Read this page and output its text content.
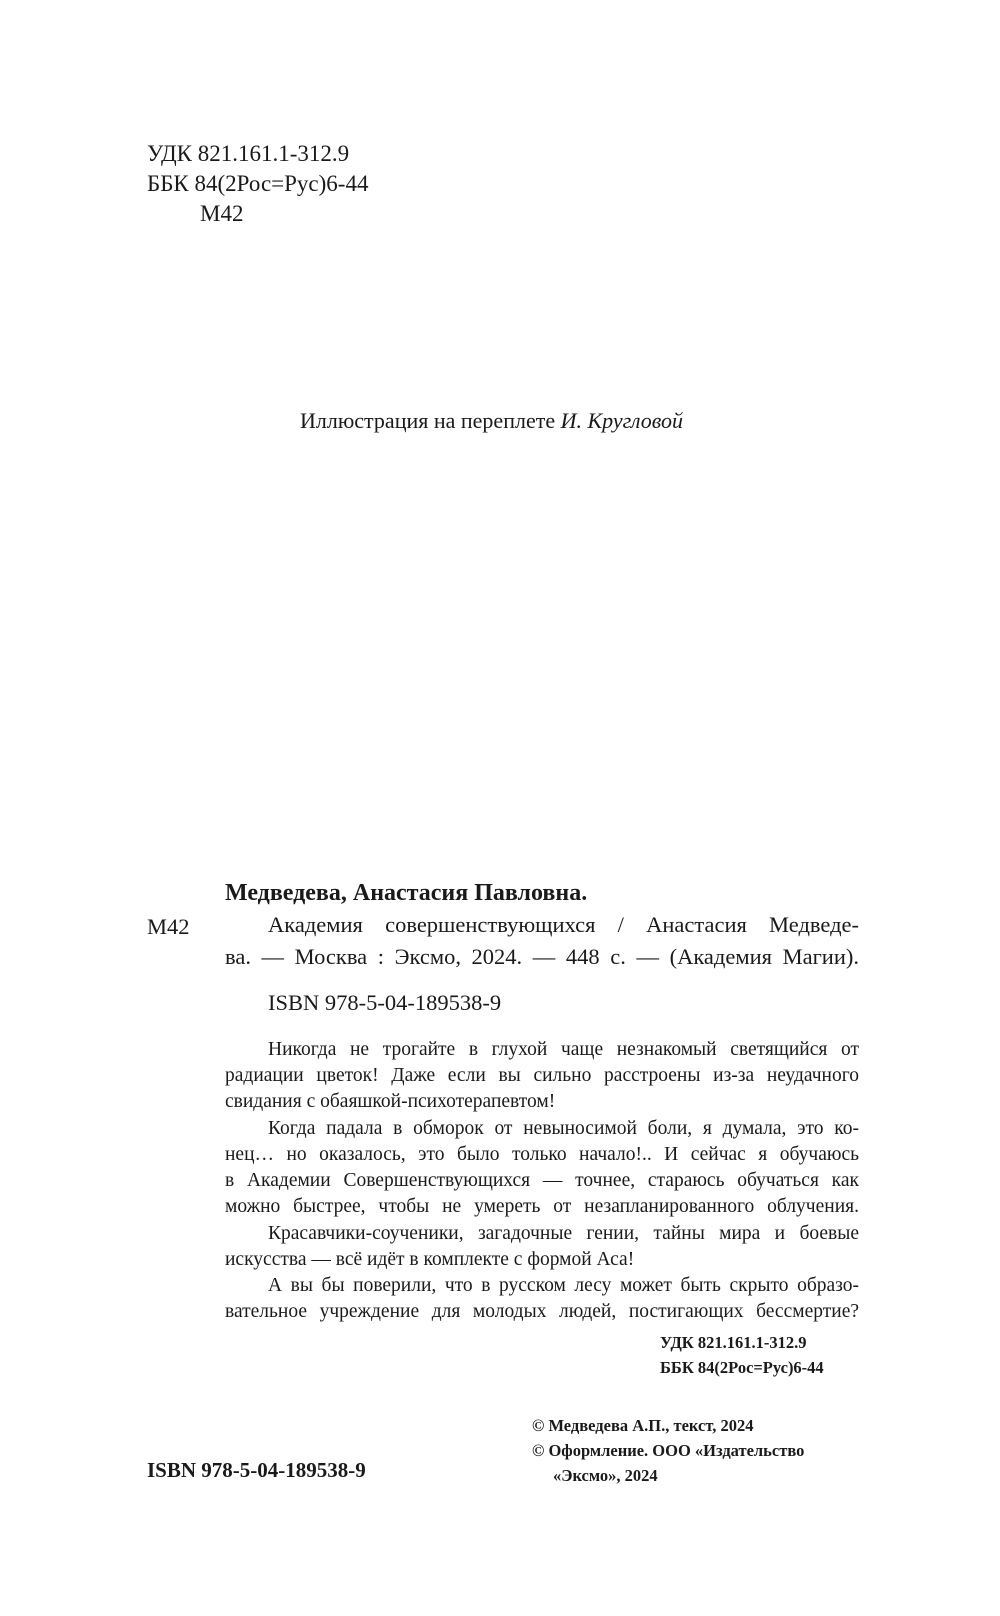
УДК 821.161.1-312.9
ББК 84(2Рос=Рус)6-44
М42
Иллюстрация на переплете И. Кругловой
Медведева, Анастасия Павловна.
М42	Академия совершенствующихся / Анастасия Медведе-
ва. — Москва : Эксмо, 2024. — 448 с. — (Академия Магии).
ISBN 978-5-04-189538-9
Никогда не трогайте в глухой чаще незнакомый светящийся от
радиации цветок! Даже если вы сильно расстроены из-за неудачного
свидания с обаяшкой-психотерапевтом!
Когда падала в обморок от невыносимой боли, я думала, это ко-
нец… но оказалось, это было только начало!.. И сейчас я обучаюсь
в Академии Совершенствующихся — точнее, стараюсь обучаться как
можно быстрее, чтобы не умереть от незапланированного облучения.
Красавчики-соученики, загадочные гении, тайны мира и боевые
искусства — всё идёт в комплекте с формой Аса!
А вы бы поверили, что в русском лесу может быть скрыто образо-
вательное учреждение для молодых людей, постигающих бессмертие?
УДК 821.161.1-312.9
ББК 84(2Рос=Рус)6-44
© Медведева А.П., текст, 2024
© Оформление. ООО «Издательство
«Эксмо», 2024
ISBN 978-5-04-189538-9
